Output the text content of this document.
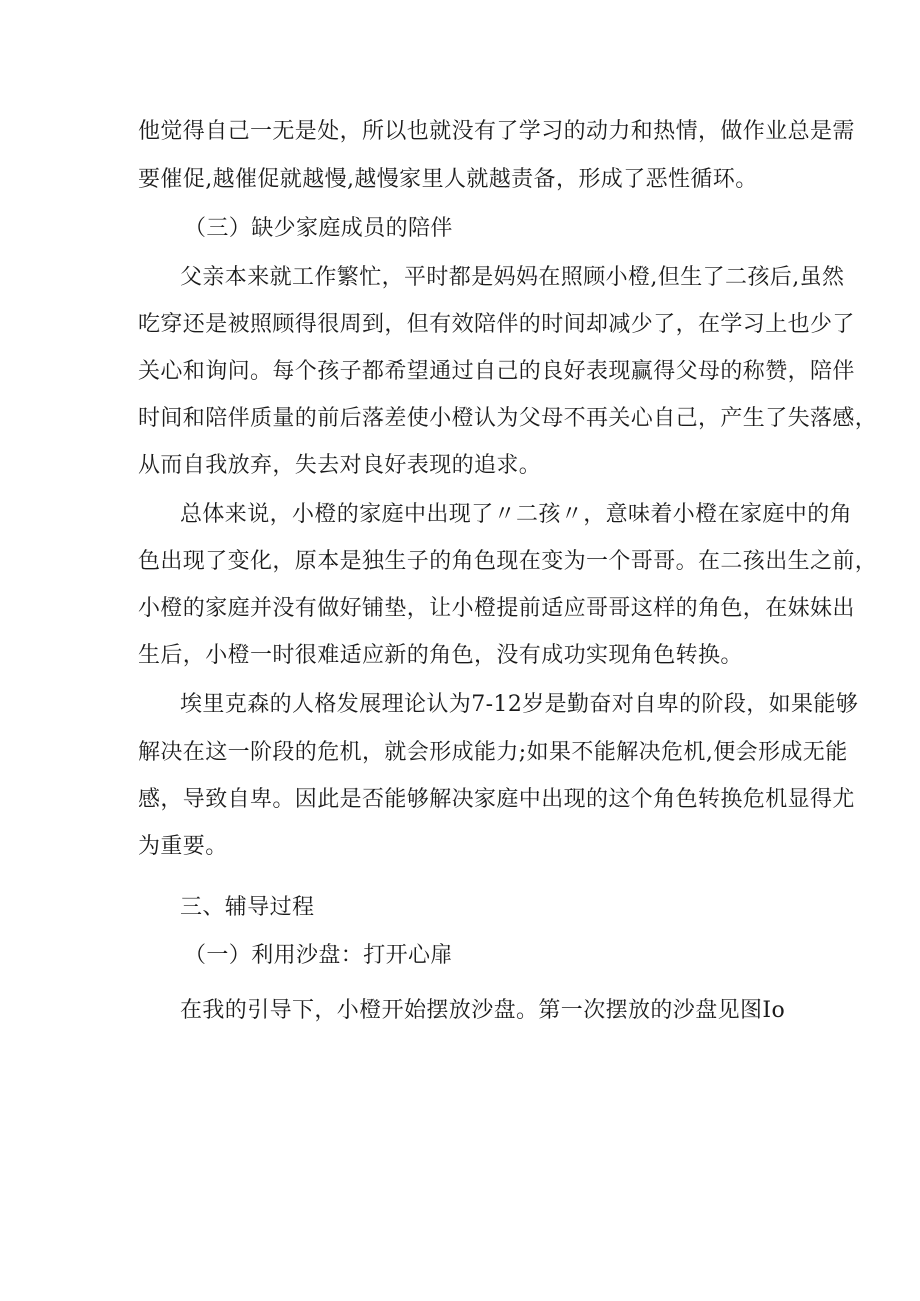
他觉得自己一无是处，所以也就没有了学习的动力和热情，做作业总是需
要催促,越催促就越慢,越慢家里人就越责备，形成了恶性循环。
（三）缺少家庭成员的陪伴
父亲本来就工作繁忙，平时都是妈妈在照顾小橙,但生了二孩后,虽然
吃穿还是被照顾得很周到，但有效陪伴的时间却减少了，在学习上也少了
关心和询问。每个孩子都希望通过自己的良好表现赢得父母的称赞，陪伴
时间和陪伴质量的前后落差使小橙认为父母不再关心自己，产生了失落感，
从而自我放弃，失去对良好表现的追求。
总体来说，小橙的家庭中出现了〃二孩〃，意味着小橙在家庭中的角
色出现了变化，原本是独生子的角色现在变为一个哥哥。在二孩出生之前，
小橙的家庭并没有做好铺垫，让小橙提前适应哥哥这样的角色，在妹妹出
生后，小橙一时很难适应新的角色，没有成功实现角色转换。
埃里克森的人格发展理论认为7-12岁是勤奋对自卑的阶段，如果能够
解决在这一阶段的危机，就会形成能力;如果不能解决危机,便会形成无能
感，导致自卑。因此是否能够解决家庭中出现的这个角色转换危机显得尤
为重要。
三、辅导过程
（一）利用沙盘：打开心扉
在我的引导下，小橙开始摆放沙盘。第一次摆放的沙盘见图Io
